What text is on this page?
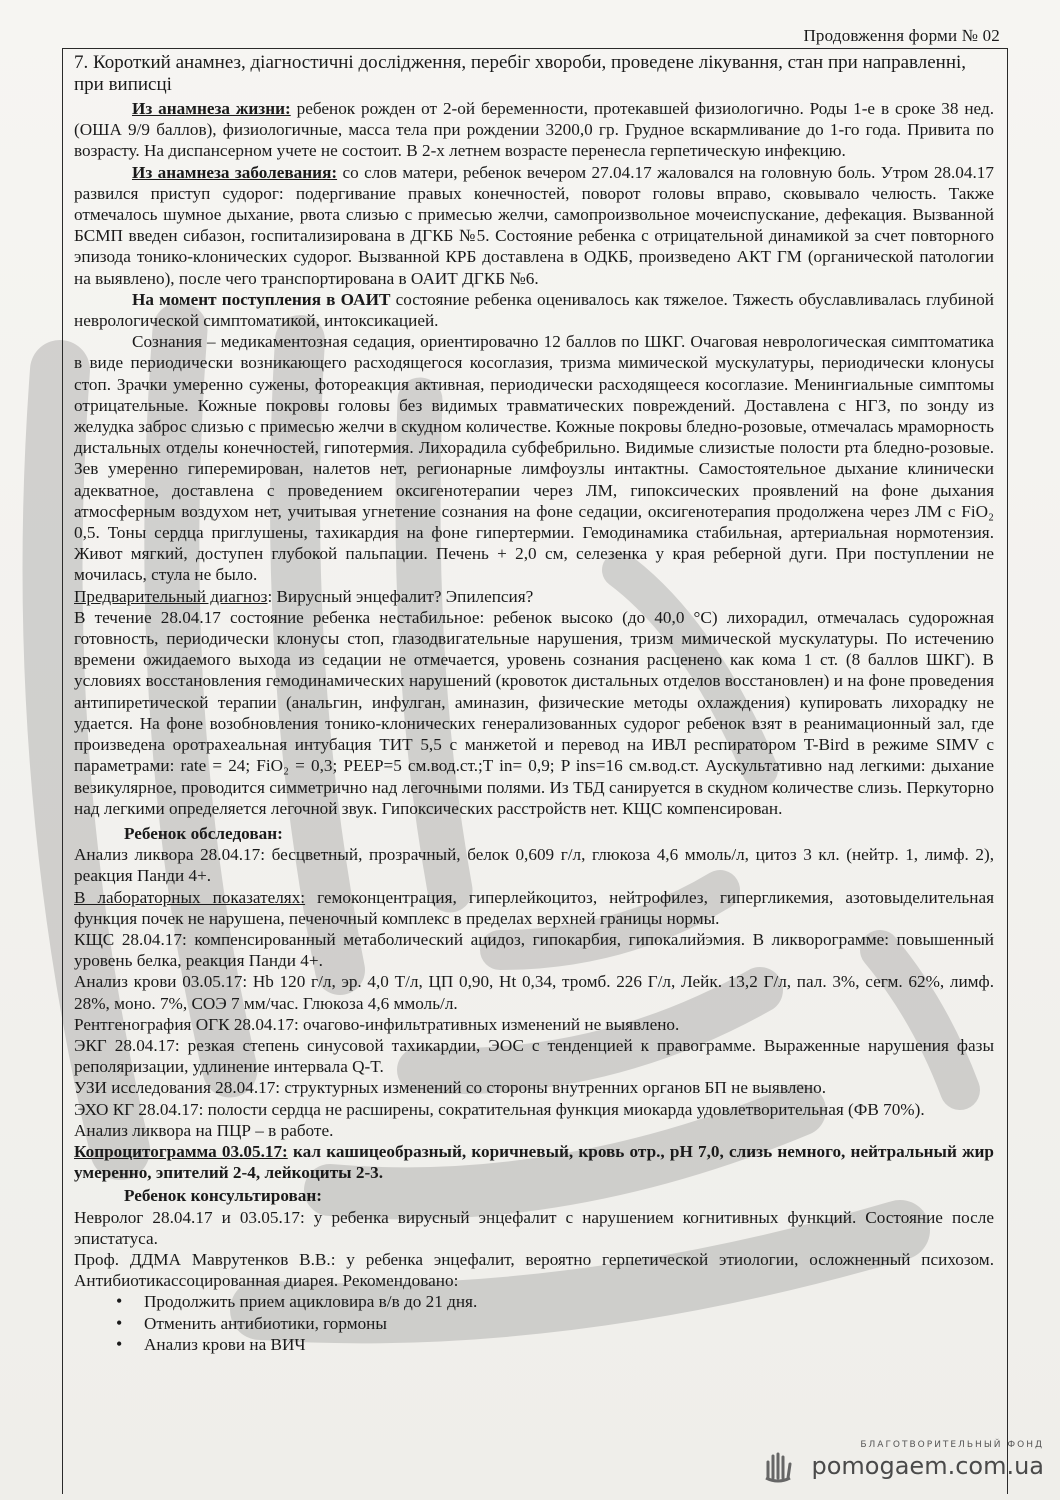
Продовження форми № 02
7. Короткий анамнез, діагностичні дослідження, перебіг хвороби, проведене лікування, стан при направленні, при виписці

Из анамнеза жизни: ребенок рожден от 2-ой беременности, протекавшей физиологично. Роды 1-е в сроке 38 нед. (ОША 9/9 баллов), физиологичные, масса тела при рождении 3200,0 гр. Грудное вскармливание до 1-го года. Привита по возрасту. На диспансерном учете не состоит. В 2-х летнем возрасте перенесла герпетическую инфекцию.

Из анамнеза заболевания: со слов матери, ребенок вечером 27.04.17 жаловался на головную боль. Утром 28.04.17 развился приступ судорог: подергивание правых конечностей, поворот головы вправо, сковывало челюсть. Также отмечалось шумное дыхание, рвота слизью с примесью желчи, самопроизвольное мочеиспускание, дефекация. Вызванной БСМП введен сибазон, госпитализирована в ДГКБ №5. Состояние ребенка с отрицательной динамикой за счет повторного эпизода тонико-клонических судорог. Вызванной КРБ доставлена в ОДКБ, произведено АКТ ГМ (органической патологии на выявлено), после чего транспортирована в ОАИТ ДГКБ №6.

На момент поступления в ОАИТ состояние ребенка оценивалось как тяжелое. Тяжесть обуславливалась глубиной неврологической симптоматикой, интоксикацией.

Сознания – медикаментозная седация, ориентировачно 12 баллов по ШКГ. Очаговая неврологическая симптоматика в виде периодически возникающего расходящегося косоглазия, тризма мимической мускулатуры, периодически клонусы стоп. Зрачки умеренно сужены, фотореакция активная, периодически расходящееся косоглазие. Менингиальные симптомы отрицательные. Кожные покровы головы без видимых травматических повреждений. Доставлена с НГЗ, по зонду из желудка заброс слизью с примесью желчи в скудном количестве. Кожные покровы бледно-розовые, отмечалась мраморность дистальных отделы конечностей, гипотермия. Лихорадила субфебрильно. Видимые слизистые полости рта бледно-розовые. Зев умеренно гиперемирован, налетов нет, регионарные лимфоузлы интактны. Самостоятельное дыхание клинически адекватное, доставлена с проведением оксигенотерапии через ЛМ, гипоксических проявлений на фоне дыхания атмосферным воздухом нет, учитывая угнетение сознания на фоне седации, оксигенотерапия продолжена через ЛМ с FiO₂ 0,5. Тоны сердца приглушены, тахикардия на фоне гипертермии. Гемодинамика стабильная, артериальная нормотензия. Живот мягкий, доступен глубокой пальпации. Печень + 2,0 см, селезенка у края реберной дуги. При поступлении не мочилась, стула не было.

Предварительный диагноз: Вирусный энцефалит? Эпилепсия?

В течение 28.04.17 состояние ребенка нестабильное: ребенок высоко (до 40,0 °C) лихорадил, отмечалась судорожная готовность, периодически клонусы стоп, глазодвигательные нарушения, тризм мимической мускулатуры. По истечению времени ожидаемого выхода из седации не отмечается, уровень сознания расценено как кома 1 ст. (8 баллов ШКГ). В условиях восстановления гемодинамических нарушений (кровоток дистальных отделов восстановлен) и на фоне проведения антипиретической терапии (анальгин, инфулган, аминазин, физические методы охлаждения) купировать лихорадку не удается. На фоне возобновления тонико-клонических генерализованных судорог ребенок взят в реанимационный зал, где произведена оротрахеальная интубация ТИТ 5,5 с манжетой и перевод на ИВЛ респиратором T-Bird в режиме SIMV с параметрами: rate = 24; FiO₂ = 0,3; PEEP=5 см.вод.ст.;T in= 0,9; P ins=16 см.вод.ст. Аускультативно над легкими: дыхание везикулярное, проводится симметрично над легочными полями. Из ТБД санируется в скудном количестве слизь. Перкуторно над легкими определяется легочной звук. Гипоксических расстройств нет. КЩС компенсирован.

Ребенок обследован:

Анализ ликвора 28.04.17: бесцветный, прозрачный, белок 0,609 г/л, глюкоза 4,6 ммоль/л, цитоз 3 кл. (нейтр. 1, лимф. 2), реакция Панди 4+.

В лабораторных показателях: гемоконцентрация, гиперлейкоцитоз, нейтрофилез, гипергликемия, азотовыделительная функция почек не нарушена, печеночный комплекс в пределах верхней границы нормы.

КЩС 28.04.17: компенсированный метаболический ацидоз, гипокарбия, гипокалийэмия. В ликворограмме: повышенный уровень белка, реакция Панди 4+.

Анализ крови 03.05.17: Hb 120 г/л, эр. 4,0 Т/л, ЦП 0,90, Ht 0,34, тромб. 226 Г/л, Лейк. 13,2 Г/л, пал. 3%, сегм. 62%, лимф. 28%, моно. 7%, СОЭ 7 мм/час. Глюкоза 4,6 ммоль/л.

Рентгенография ОГК 28.04.17: очагово-инфильтративных изменений не выявлено.

ЭКГ 28.04.17: резкая степень синусовой тахикардии, ЭОС с тенденцией к правограмме. Выраженные нарушения фазы реполяризации, удлинение интервала Q-T.

УЗИ исследования 28.04.17: структурных изменений со стороны внутренних органов БП не выявлено.

ЭХО КГ 28.04.17: полости сердца не расширены, сократительная функция миокарда удовлетворительная (ФВ 70%).

Анализ ликвора на ПЦР – в работе.

Копроцитограмма 03.05.17: кал кашицеобразный, коричневый, кровь отр., рН 7,0, слизь немного, нейтральный жир умеренно, эпителий 2-4, лейкоциты 2-3.

Ребенок консультирован:

Невролог 28.04.17 и 03.05.17: у ребенка вирусный энцефалит с нарушением когнитивных функций. Состояние после эпистатуса.

Проф. ДДМА Маврутенков В.В.: у ребенка энцефалит, вероятно герпетической этиологии, осложненный психозом. Антибиотикассоцированная диарея. Рекомендовано:

• Продолжить прием ацикловира в/в до 21 дня.
• Отменить антибиотики, гормоны
• Анализ крови на ВИЧ
БЛАГОТВОРИТЕЛЬНЫЙ ФОНД
pomogaem.com.ua
